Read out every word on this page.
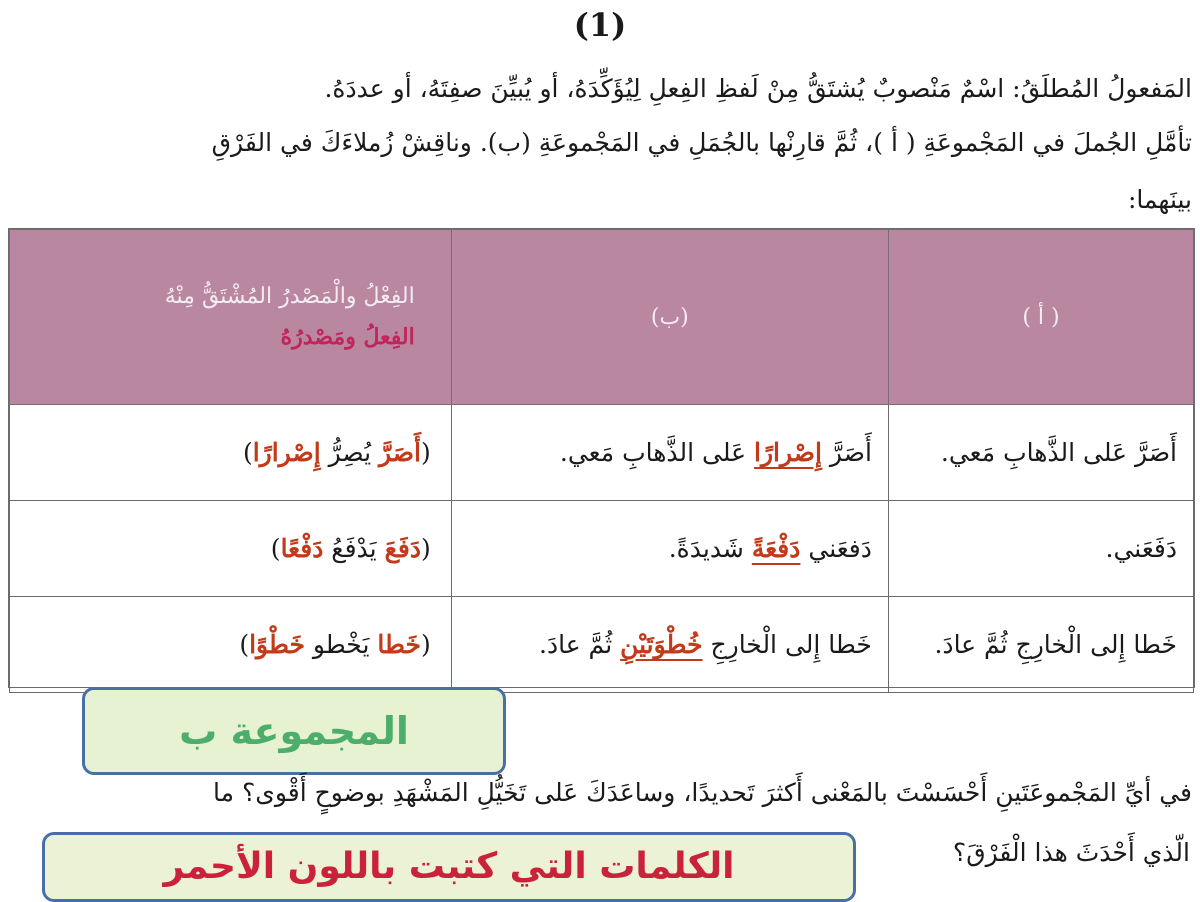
(1)
المَفعولُ المُطلَقُ: اسْمٌ مَنْصوبٌ يُشتَقُّ مِنْ لَفظِ الفِعلِ لِيُؤَكِّدَهُ، أو يُبيِّنَ صفِتَهُ، أو عددَهُ.
تأمَّلِ الجُملَ في المَجْموعَةِ ( أ )، ثُمَّ قارِنْها بالجُمَلِ في المَجْموعَةِ (ب). وناقِشْ زُملاءَكَ في الفَرْقِ
بينَهما:
( أ )	(ب)	الفِعْلُ والْمَصْدرُ المُشْتَقُّ مِنْهُ
الفِعلُ ومَصْدرُهُ

أَصَرَّ عَلى الذَّهابِ مَعي.	أَصَرَّ إِصْرارًا عَلى الذَّهابِ مَعي.	(أَصَرَّ يُصِرُّ إِصْرارًا)
دَفَعَني.	دَفعَني دَفْعَةً شَديدَةً.	(دَفَعَ يَدْفَعُ دَفْعًا)
خَطا إِلى الْخارِجِ ثُمَّ عادَ.	خَطا إِلى الْخارِجِ خُطْوَتَيْنِ ثُمَّ عادَ.	(خَطا يَخْطو خَطْوًا)
المجموعة ب
في أيِّ المَجْموعَتَينِ أَحْسَسْتَ بالمَعْنى أَكثرَ تَحديدًا، وساعَدَكَ عَلى تَخَيُّلِ المَشْهَدِ بوضوحٍ أَقْوى؟ ما
الّذي أَحْدَثَ هذا الْفَرْقَ؟
الكلمات التي كتبت باللون الأحمر
